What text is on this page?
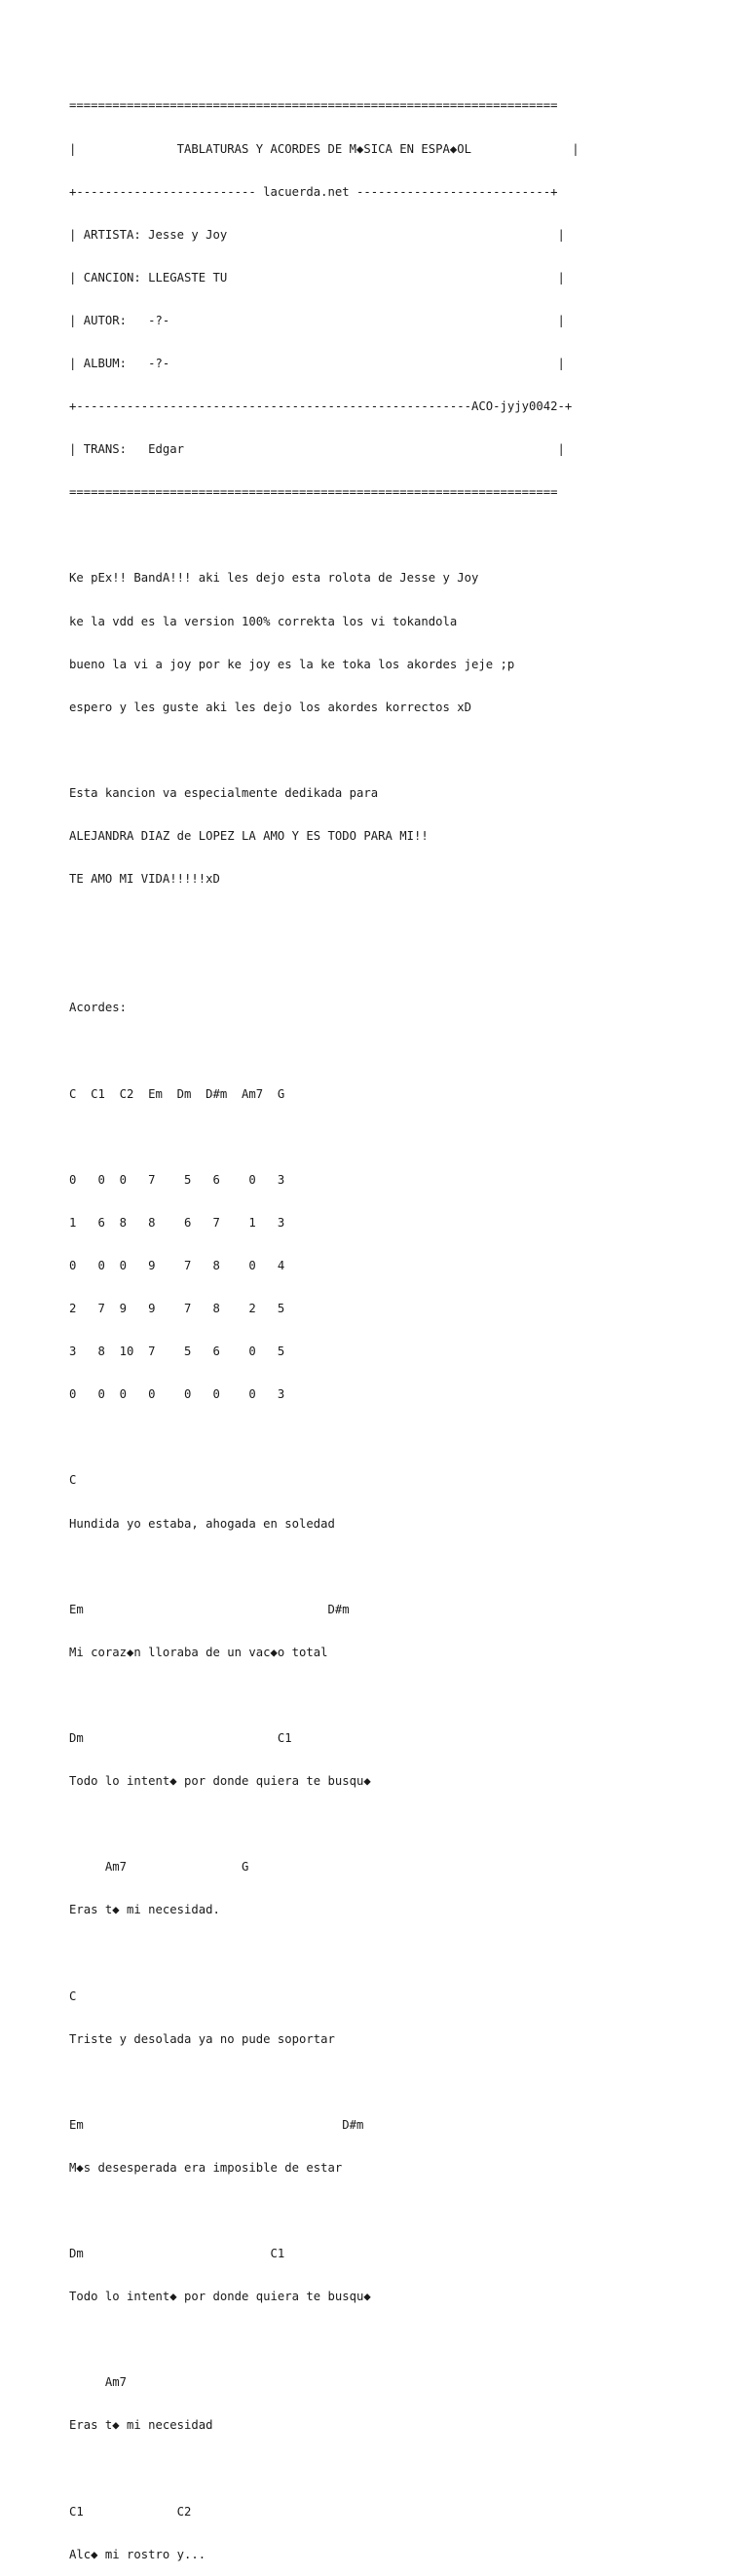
====================================================================

|              TABLATURAS Y ACORDES DE M◆SICA EN ESPA◆OL              |

+------------------------- lacuerda.net ---------------------------+

| ARTISTA: Jesse y Joy                                              |

| CANCION: LLEGASTE TU                                              |

| AUTOR:   -?-                                                      |

| ALBUM:   -?-                                                      |

+-------------------------------------------------------ACO-jyjy0042-+

| TRANS:   Edgar                                                    |

====================================================================

Ke pEx!! BandA!!! aki les dejo esta rolota de Jesse y Joy

ke la vdd es la version 100% correkta los vi tokandola

bueno la vi a joy por ke joy es la ke toka los akordes jeje ;p

espero y les guste aki les dejo los akordes korrectos xD

Esta kancion va especialmente dedikada para

ALEJANDRA DIAZ de LOPEZ LA AMO Y ES TODO PARA MI!!

TE AMO MI VIDA!!!!!xD

Acordes:

C  C1  C2  Em  Dm  D#m  Am7  G

0   0  0   7    5   6    0   3

1   6  8   8    6   7    1   3

0   0  0   9    7   8    0   4

2   7  9   9    7   8    2   5

3   8  10  7    5   6    0   5

0   0  0   0    0   0    0   3

C

Hundida yo estaba, ahogada en soledad

Em                                  D#m

Mi coraz◆n lloraba de un vac◆o total

Dm                           C1

Todo lo intent◆ por donde quiera te busqu◆

Am7                G

Eras t◆ mi necesidad.

C

Triste y desolada ya no pude soportar

Em                                    D#m

M◆s desesperada era imposible de estar

Dm                          C1

Todo lo intent◆ por donde quiera te busqu◆

Am7

Eras t◆ mi necesidad

C1             C2

Alc◆ mi rostro y...
